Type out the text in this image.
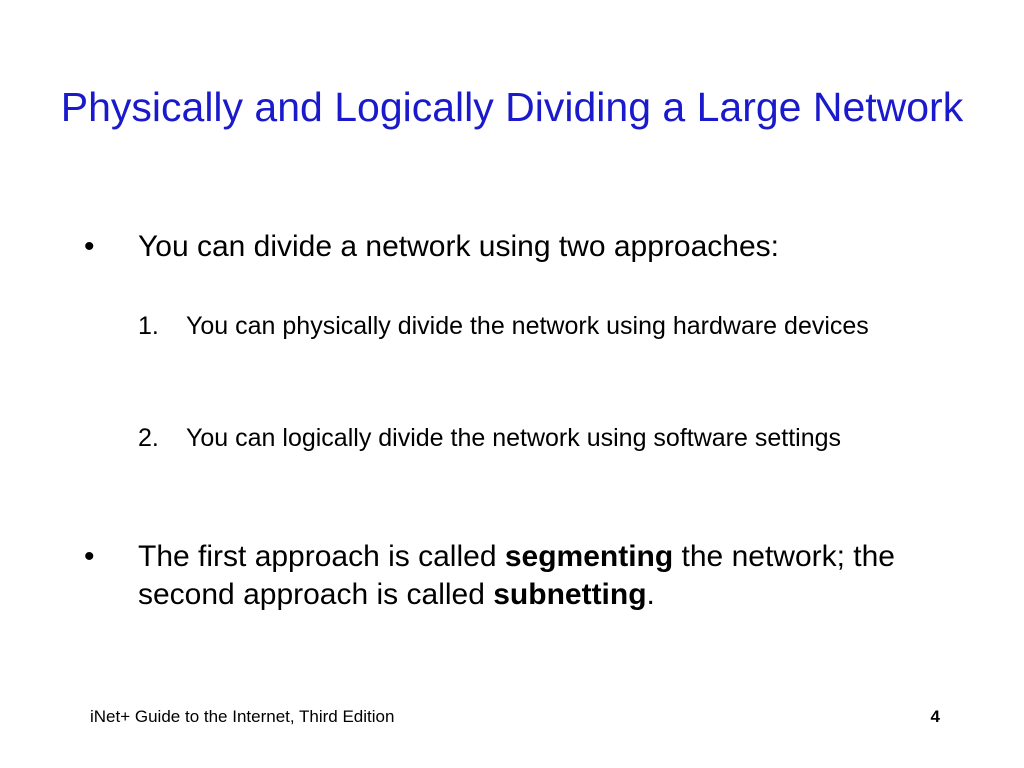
Physically and Logically Dividing a Large Network
• You can divide a network using two approaches:
1. You can physically divide the network using hardware devices
2. You can logically divide the network using software settings
• The first approach is called segmenting the network; the second approach is called subnetting.
iNet+ Guide to the Internet, Third Edition	4
